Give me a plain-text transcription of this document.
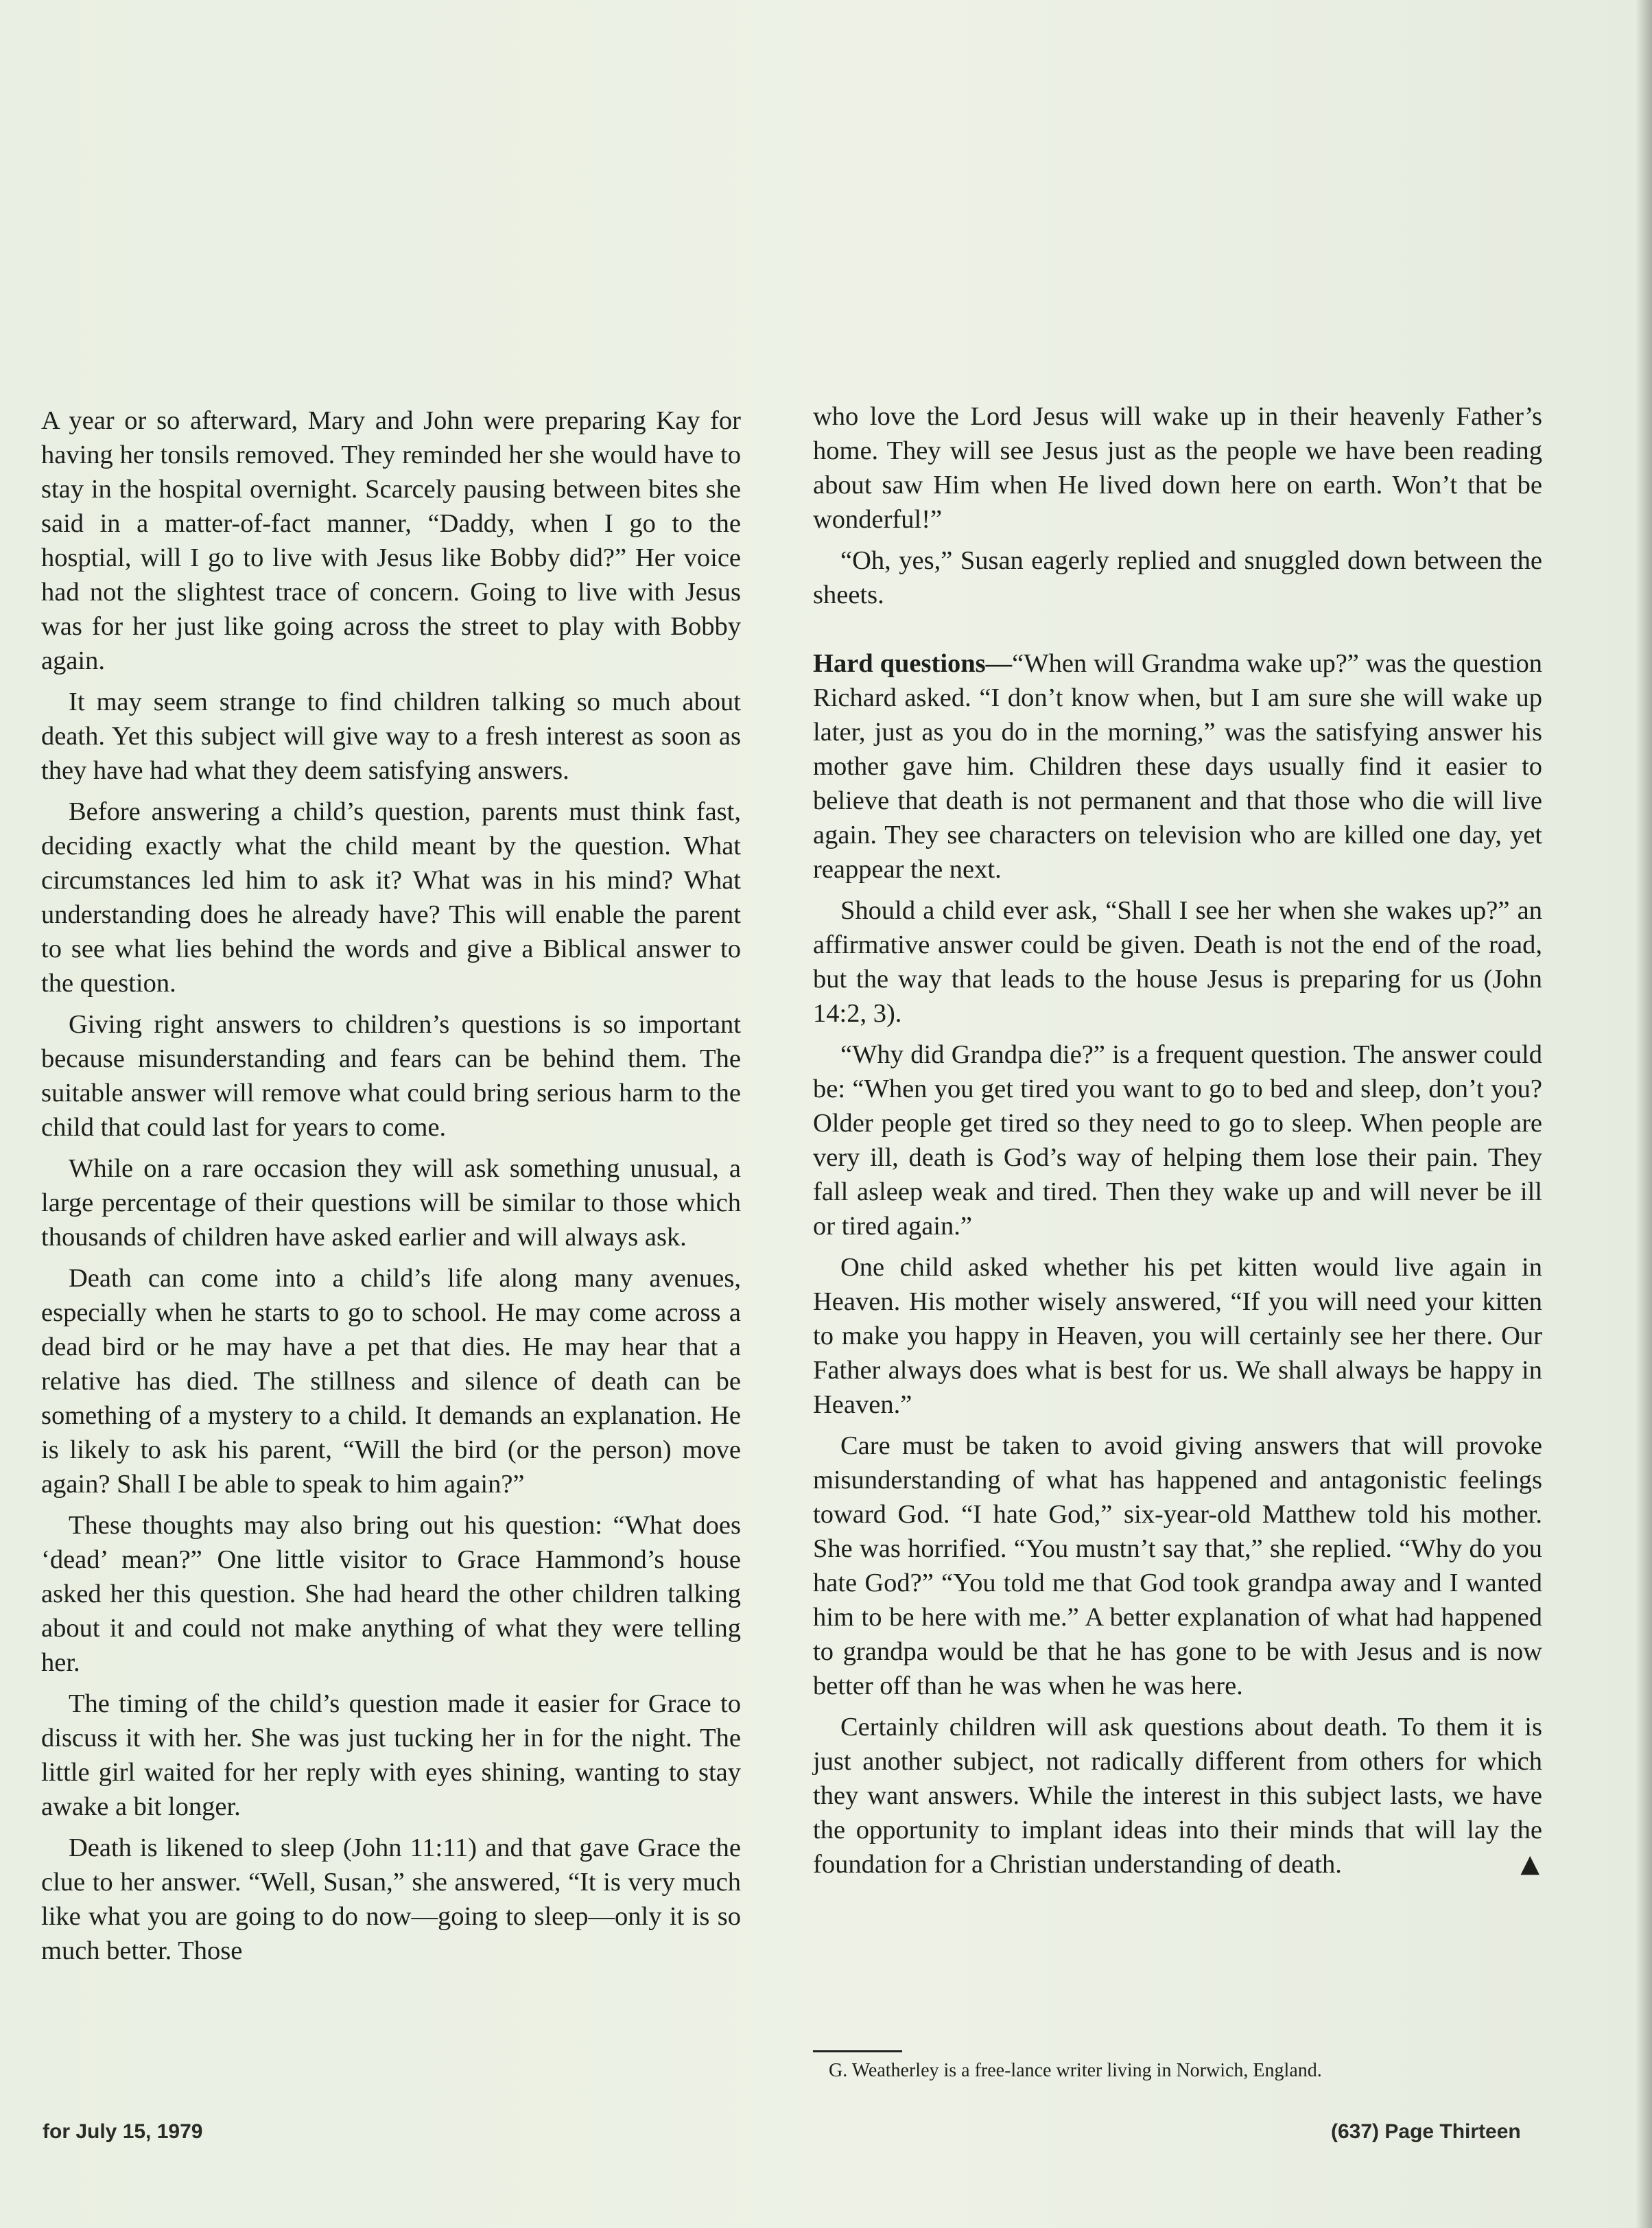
A year or so afterward, Mary and John were preparing Kay for having her tonsils removed. They reminded her she would have to stay in the hospital overnight. Scarcely pausing between bites she said in a matter-of-fact manner, “Daddy, when I go to the hosptial, will I go to live with Jesus like Bobby did?” Her voice had not the slightest trace of concern. Going to live with Jesus was for her just like going across the street to play with Bobby again.

It may seem strange to find children talking so much about death. Yet this subject will give way to a fresh interest as soon as they have had what they deem satisfying answers.

Before answering a child’s question, parents must think fast, deciding exactly what the child meant by the question. What circumstances led him to ask it? What was in his mind? What understanding does he already have? This will enable the parent to see what lies behind the words and give a Biblical answer to the question.

Giving right answers to children’s questions is so important because misunderstanding and fears can be behind them. The suitable answer will remove what could bring serious harm to the child that could last for years to come.

While on a rare occasion they will ask something unusual, a large percentage of their questions will be similar to those which thousands of children have asked earlier and will always ask.

Death can come into a child’s life along many avenues, especially when he starts to go to school. He may come across a dead bird or he may have a pet that dies. He may hear that a relative has died. The stillness and silence of death can be something of a mystery to a child. It demands an explanation. He is likely to ask his parent, “Will the bird (or the person) move again? Shall I be able to speak to him again?”

These thoughts may also bring out his question: “What does ‘dead’ mean?” One little visitor to Grace Hammond’s house asked her this question. She had heard the other children talking about it and could not make anything of what they were telling her.

The timing of the child’s question made it easier for Grace to discuss it with her. She was just tucking her in for the night. The little girl waited for her reply with eyes shining, wanting to stay awake a bit longer.

Death is likened to sleep (John 11:11) and that gave Grace the clue to her answer. “Well, Susan,” she answered, “It is very much like what you are going to do now—going to sleep—only it is so much better. Those

who love the Lord Jesus will wake up in their heavenly Father’s home. They will see Jesus just as the people we have been reading about saw Him when He lived down here on earth. Won’t that be wonderful!”

“Oh, yes,” Susan eagerly replied and snuggled down between the sheets.

Hard questions—“When will Grandma wake up?” was the question Richard asked. “I don’t know when, but I am sure she will wake up later, just as you do in the morning,” was the satisfying answer his mother gave him. Children these days usually find it easier to believe that death is not permanent and that those who die will live again. They see characters on television who are killed one day, yet reappear the next.

Should a child ever ask, “Shall I see her when she wakes up?” an affirmative answer could be given. Death is not the end of the road, but the way that leads to the house Jesus is preparing for us (John 14:2, 3).

“Why did Grandpa die?” is a frequent question. The answer could be: “When you get tired you want to go to bed and sleep, don’t you? Older people get tired so they need to go to sleep. When people are very ill, death is God’s way of helping them lose their pain. They fall asleep weak and tired. Then they wake up and will never be ill or tired again.”

One child asked whether his pet kitten would live again in Heaven. His mother wisely answered, “If you will need your kitten to make you happy in Heaven, you will certainly see her there. Our Father always does what is best for us. We shall always be happy in Heaven.”

Care must be taken to avoid giving answers that will provoke misunderstanding of what has happened and antagonistic feelings toward God. “I hate God,” six-year-old Matthew told his mother. She was horrified. “You mustn’t say that,” she replied. “Why do you hate God?” “You told me that God took grandpa away and I wanted him to be here with me.” A better explanation of what had happened to grandpa would be that he has gone to be with Jesus and is now better off than he was when he was here.

Certainly children will ask questions about death. To them it is just another subject, not radically different from others for which they want answers. While the interest in this subject lasts, we have the opportunity to implant ideas into their minds that will lay the foundation for a Christian understanding of death.	▲

G. Weatherley is a free-lance writer living in Norwich, England.
for July 15, 1979	(637) Page Thirteen
